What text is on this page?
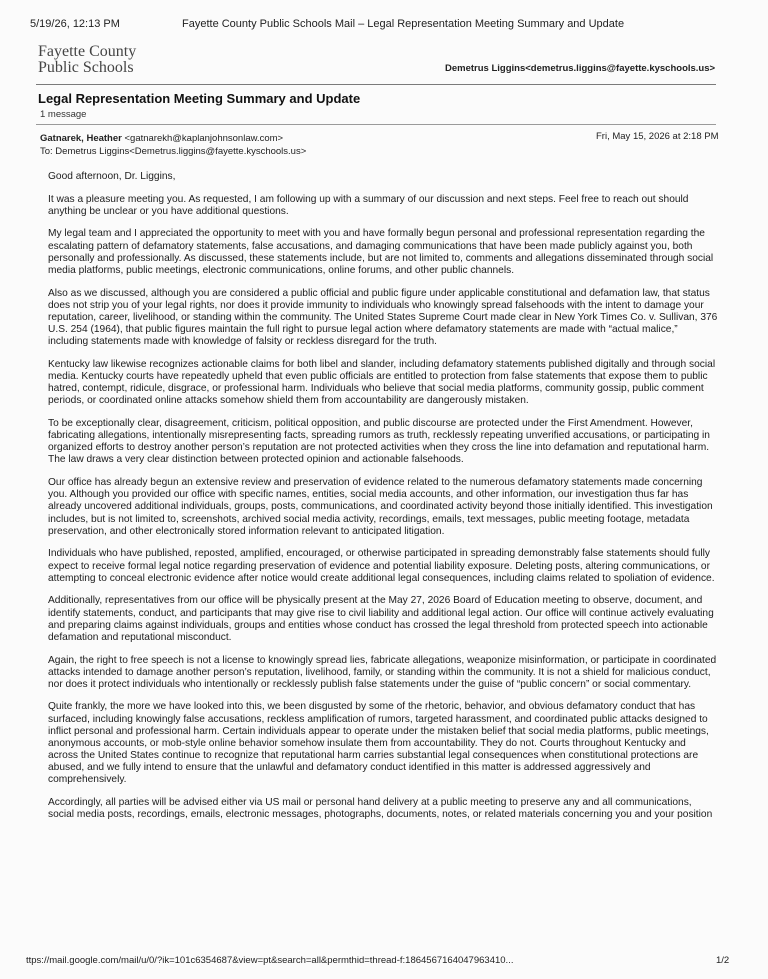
5/19/26, 12:13 PM	Fayette County Public Schools Mail – Legal Representation Meeting Summary and Update
Fayette County
Public Schools	Demetrus Liggins<demetrus.liggins@fayette.kyschools.us>
Legal Representation Meeting Summary and Update
1 message
Gatnarek, Heather <gatnarekh@kaplanjohnsonlaw.com>
To: Demetrus Liggins<Demetrus.liggins@fayette.kyschools.us>
Fri, May 15, 2026 at 2:18 PM

Good afternoon, Dr. Liggins,

It was a pleasure meeting you. As requested, I am following up with a summary of our discussion and next steps. Feel free to reach out should anything be unclear or you have additional questions.

My legal team and I appreciated the opportunity to meet with you and have formally begun personal and professional representation regarding the escalating pattern of defamatory statements, false accusations, and damaging communications that have been made publicly against you, both personally and professionally. As discussed, these statements include, but are not limited to, comments and allegations disseminated through social media platforms, public meetings, electronic communications, online forums, and other public channels.

Also as we discussed, although you are considered a public official and public figure under applicable constitutional and defamation law, that status does not strip you of your legal rights, nor does it provide immunity to individuals who knowingly spread falsehoods with the intent to damage your reputation, career, livelihood, or standing within the community. The United States Supreme Court made clear in New York Times Co. v. Sullivan, 376 U.S. 254 (1964), that public figures maintain the full right to pursue legal action where defamatory statements are made with “actual malice,” including statements made with knowledge of falsity or reckless disregard for the truth.

Kentucky law likewise recognizes actionable claims for both libel and slander, including defamatory statements published digitally and through social media. Kentucky courts have repeatedly upheld that even public officials are entitled to protection from false statements that expose them to public hatred, contempt, ridicule, disgrace, or professional harm. Individuals who believe that social media platforms, community gossip, public comment periods, or coordinated online attacks somehow shield them from accountability are dangerously mistaken.

To be exceptionally clear, disagreement, criticism, political opposition, and public discourse are protected under the First Amendment. However, fabricating allegations, intentionally misrepresenting facts, spreading rumors as truth, recklessly repeating unverified accusations, or participating in organized efforts to destroy another person’s reputation are not protected activities when they cross the line into defamation and reputational harm. The law draws a very clear distinction between protected opinion and actionable falsehoods.

Our office has already begun an extensive review and preservation of evidence related to the numerous defamatory statements made concerning you. Although you provided our office with specific names, entities, social media accounts, and other information, our investigation thus far has already uncovered additional individuals, groups, posts, communications, and coordinated activity beyond those initially identified. This investigation includes, but is not limited to, screenshots, archived social media activity, recordings, emails, text messages, public meeting footage, metadata preservation, and other electronically stored information relevant to anticipated litigation.

Individuals who have published, reposted, amplified, encouraged, or otherwise participated in spreading demonstrably false statements should fully expect to receive formal legal notice regarding preservation of evidence and potential liability exposure. Deleting posts, altering communications, or attempting to conceal electronic evidence after notice would create additional legal consequences, including claims related to spoliation of evidence.

Additionally, representatives from our office will be physically present at the May 27, 2026 Board of Education meeting to observe, document, and identify statements, conduct, and participants that may give rise to civil liability and additional legal action. Our office will continue actively evaluating and preparing claims against individuals, groups and entities whose conduct has crossed the legal threshold from protected speech into actionable defamation and reputational misconduct.

Again, the right to free speech is not a license to knowingly spread lies, fabricate allegations, weaponize misinformation, or participate in coordinated attacks intended to damage another person’s reputation, livelihood, family, or standing within the community. It is not a shield for malicious conduct, nor does it protect individuals who intentionally or recklessly publish false statements under the guise of “public concern” or social commentary.

Quite frankly, the more we have looked into this, we been disgusted by some of the rhetoric, behavior, and obvious defamatory conduct that has surfaced, including knowingly false accusations, reckless amplification of rumors, targeted harassment, and coordinated public attacks designed to inflict personal and professional harm. Certain individuals appear to operate under the mistaken belief that social media platforms, public meetings, anonymous accounts, or mob-style online behavior somehow insulate them from accountability. They do not. Courts throughout Kentucky and across the United States continue to recognize that reputational harm carries substantial legal consequences when constitutional protections are abused, and we fully intend to ensure that the unlawful and defamatory conduct identified in this matter is addressed aggressively and comprehensively.

Accordingly, all parties will be advised either via US mail or personal hand delivery at a public meeting to preserve any and all communications, social media posts, recordings, emails, electronic messages, photographs, documents, notes, or related materials concerning you and your position

ttps://mail.google.com/mail/u/0/?ik=101c6354687&view=pt&search=all&permthid=thread-f:1864567164047963410...	1/2
